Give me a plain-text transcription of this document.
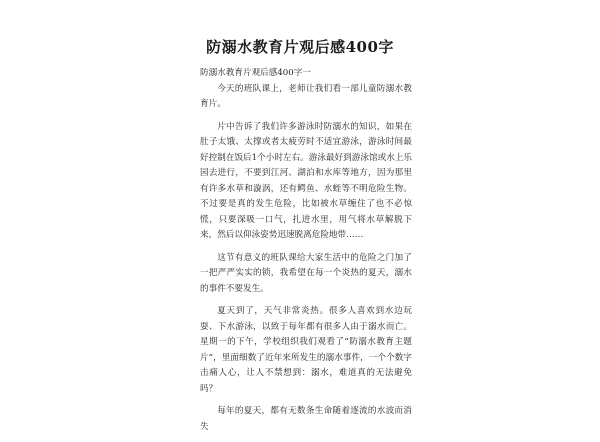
防溺水教育片观后感400字

防溺水教育片观后感400字一

今天的班队课上，老师让我们看一部儿童防溺水教育片。

片中告诉了我们许多游泳时防溺水的知识，如果在肚子太饿、太撑或者太疲劳时不适宜游泳，游泳时间最好控制在饭后1个小时左右。游泳最好到游泳馆或水上乐园去进行，不要到江河、湖泊和水库等地方，因为那里有许多水草和漩涡，还有鳄鱼、水蛭等不明危险生物。不过要是真的发生危险，比如被水草缠住了也不必惊慌，只要深吸一口气，扎进水里，用气将水草解脱下来，然后以仰泳姿势迅速脱离危险地带……

这节有意义的班队课给大家生活中的危险之门加了一把严严实实的锁，我希望在每一个炎热的夏天，溺水的事件不要发生。

夏天到了，天气非常炎热。很多人喜欢到水边玩耍、下水游泳，以致于每年都有很多人由于溺水而亡。星期一的下午，学校组织我们观看了“防溺水教育主题片”，里面细数了近年来所发生的溺水事件，一个个数字击痛人心，让人不禁想到：溺水，难道真的无法避免吗？

每年的夏天，都有无数条生命随着逐流的水波而消失
